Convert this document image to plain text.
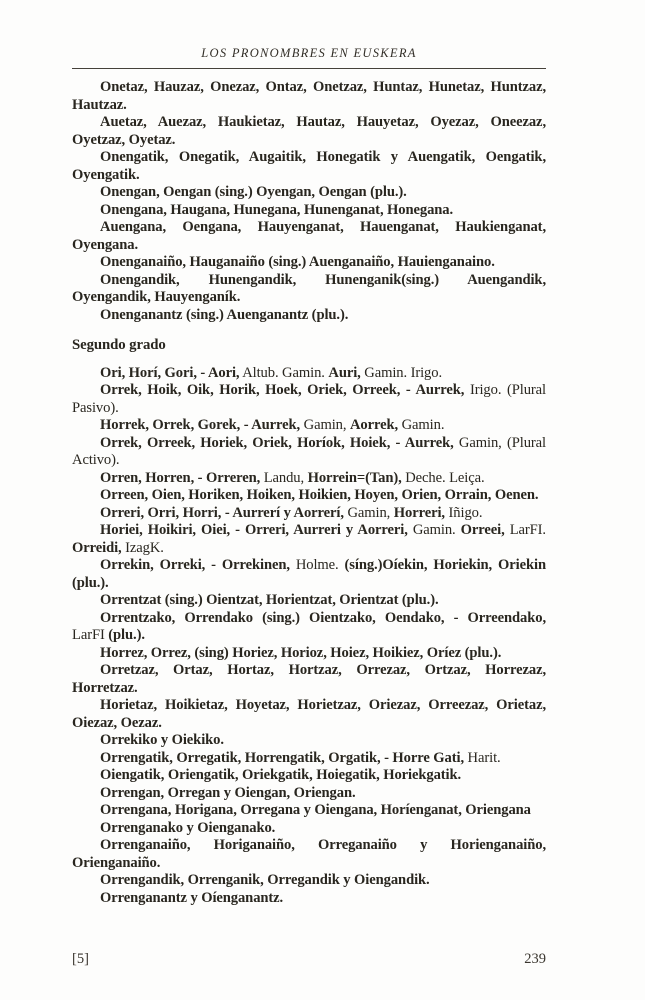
LOS PRONOMBRES EN EUSKERA

Onetaz, Hauzaz, Onezaz, Ontaz, Onetzaz, Huntaz, Hunetaz, Huntzaz, Hautzaz.

Auetaz, Auezaz, Haukietaz, Hautaz, Hauyetaz, Oyezaz, Oneezaz, Oyetzaz, Oyetaz.

Onengatik, Onegatik, Augaitik, Honegatik y Auengatik, Oengatik, Oyengatik.

Onengan, Oengan (sing.) Oyengan, Oengan (plu.).

Onengana, Haugana, Hunegana, Hunenganat, Honegana.

Auengana, Oengana, Hauyenganat, Hauenganat, Haukienganat, Oyengana.

Onenganaiño, Hauganaiño (sing.) Auenganaiño, Hauienganaino.

Onengandik, Hunengandik, Hunenganik(sing.) Auengandik, Oyengandik, Hauyenganík.

Onenganantz (sing.) Auenganantz (plu.).

Segundo grado

Ori, Horí, Gori, - Aori, Altub. Gamin. Auri, Gamin. Irigo.

Orrek, Hoik, Oik, Horik, Hoek, Oriek, Orreek, - Aurrek, Irigo. (Plural Pasivo).

Horrek, Orrek, Gorek, - Aurrek, Gamin, Aorrek, Gamin.

Orrek, Orreek, Horiek, Oriek, Horíok, Hoiek, - Aurrek, Gamin, (Plural Activo).

Orren, Horren, - Orreren, Landu, Horrein=(Tan), Deche. Leiça.

Orreen, Oien, Horiken, Hoiken, Hoikien, Hoyen, Orien, Orrain, Oenen.

Orreri, Orri, Horri, - Aurrerí y Aorrerí, Gamin, Horreri, Iñigo.

Horiei, Hoikiri, Oiei, - Orreri, Aurreri y Aorreri, Gamin. Orreei, LarFI. Orreidi, IzagK.

Orrekin, Orreki, - Orrekinen, Holme. (síng.)Oíekin, Horiekin, Oriekin (plu.).

Orrentzat (sing.) Oientzat, Horientzat, Orientzat (plu.).

Orrentzako, Orrendako (sing.) Oientzako, Oendako, - Orreendako, LarFI (plu.).

Horrez, Orrez, (sing) Horiez, Horioz, Hoiez, Hoikiez, Oríez (plu.).

Orretzaz, Ortaz, Hortaz, Hortzaz, Orrezaz, Ortzaz, Horrezaz, Horretzaz.

Horietaz, Hoikietaz, Hoyetaz, Horietzaz, Oriezaz, Orreezaz, Orietaz, Oiezaz, Oezaz.

Orrekiko y Oiekiko.

Orrengatik, Orregatik, Horrengatik, Orgatik, - Horre Gati, Harit.

Oiengatik, Oriengatik, Oriekgatik, Hoiegatik, Horiekgatik.

Orrengan, Orregan y Oiengan, Oriengan.

Orrengana, Horigana, Orregana y Oiengana, Horíenganat, Oriengana

Orrenganako y Oienganako.

Orrenganaiño, Horiganaiño, Orreganaiño y Horienganaiño, Orienganaiño.

Orrengandik, Orrenganik, Orregandik y Oiengandik.

Orrenganantz y Oíenganantz.

[5]	239
